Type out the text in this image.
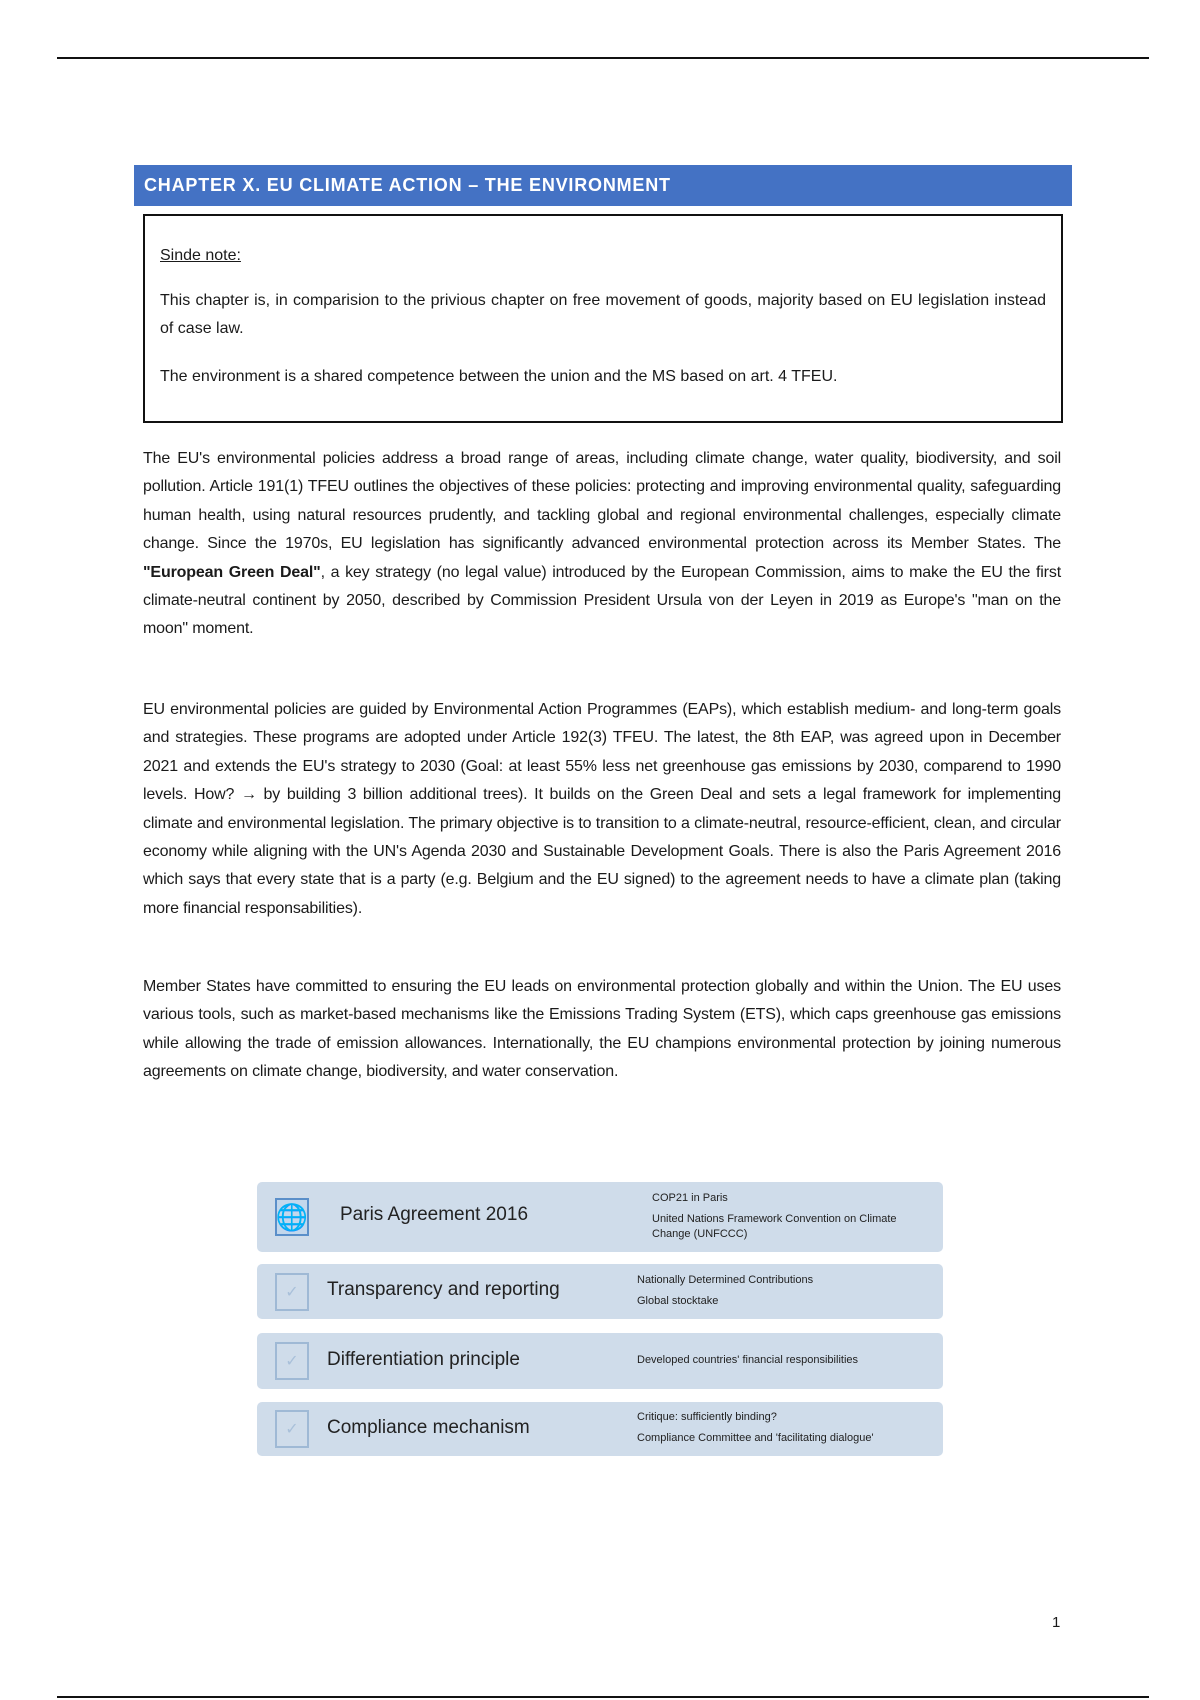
CHAPTER X. EU CLIMATE ACTION – THE ENVIRONMENT

Sinde note:

This chapter is, in comparision to the privious chapter on free movement of goods, majority based on EU legislation instead of case law.

The environment is a shared competence between the union and the MS based on art. 4 TFEU.

The EU's environmental policies address a broad range of areas, including climate change, water quality, biodiversity, and soil pollution. Article 191(1) TFEU outlines the objectives of these policies: protecting and improving environmental quality, safeguarding human health, using natural resources prudently, and tackling global and regional environmental challenges, especially climate change. Since the 1970s, EU legislation has significantly advanced environmental protection across its Member States. The "European Green Deal", a key strategy (no legal value) introduced by the European Commission, aims to make the EU the first climate-neutral continent by 2050, described by Commission President Ursula von der Leyen in 2019 as Europe's "man on the moon" moment.

EU environmental policies are guided by Environmental Action Programmes (EAPs), which establish medium- and long-term goals and strategies. These programs are adopted under Article 192(3) TFEU. The latest, the 8th EAP, was agreed upon in December 2021 and extends the EU's strategy to 2030 (Goal: at least 55% less net greenhouse gas emissions by 2030, comparend to 1990 levels. How? → by building 3 billion additional trees). It builds on the Green Deal and sets a legal framework for implementing climate and environmental legislation. The primary objective is to transition to a climate-neutral, resource-efficient, clean, and circular economy while aligning with the UN's Agenda 2030 and Sustainable Development Goals. There is also the Paris Agreement 2016 which says that every state that is a party (e.g. Belgium and the EU signed) to the agreement needs to have a climate plan (taking more financial responsabilities).

Member States have committed to ensuring the EU leads on environmental protection globally and within the Union. The EU uses various tools, such as market-based mechanisms like the Emissions Trading System (ETS), which caps greenhouse gas emissions while allowing the trade of emission allowances. Internationally, the EU champions environmental protection by joining numerous agreements on climate change, biodiversity, and water conservation.

🌐 Paris Agreement 2016
COP21 in Paris
United Nations Framework Convention on Climate Change (UNFCCC)
✓	Transparency and reporting	Nationally Determined Contributions
Global stocktake
✓	Differentiation principle	Developed countries' financial responsibilities
✓	Compliance mechanism	Critique: sufficiently binding?
Compliance Committee and 'facilitating dialogue'
1
